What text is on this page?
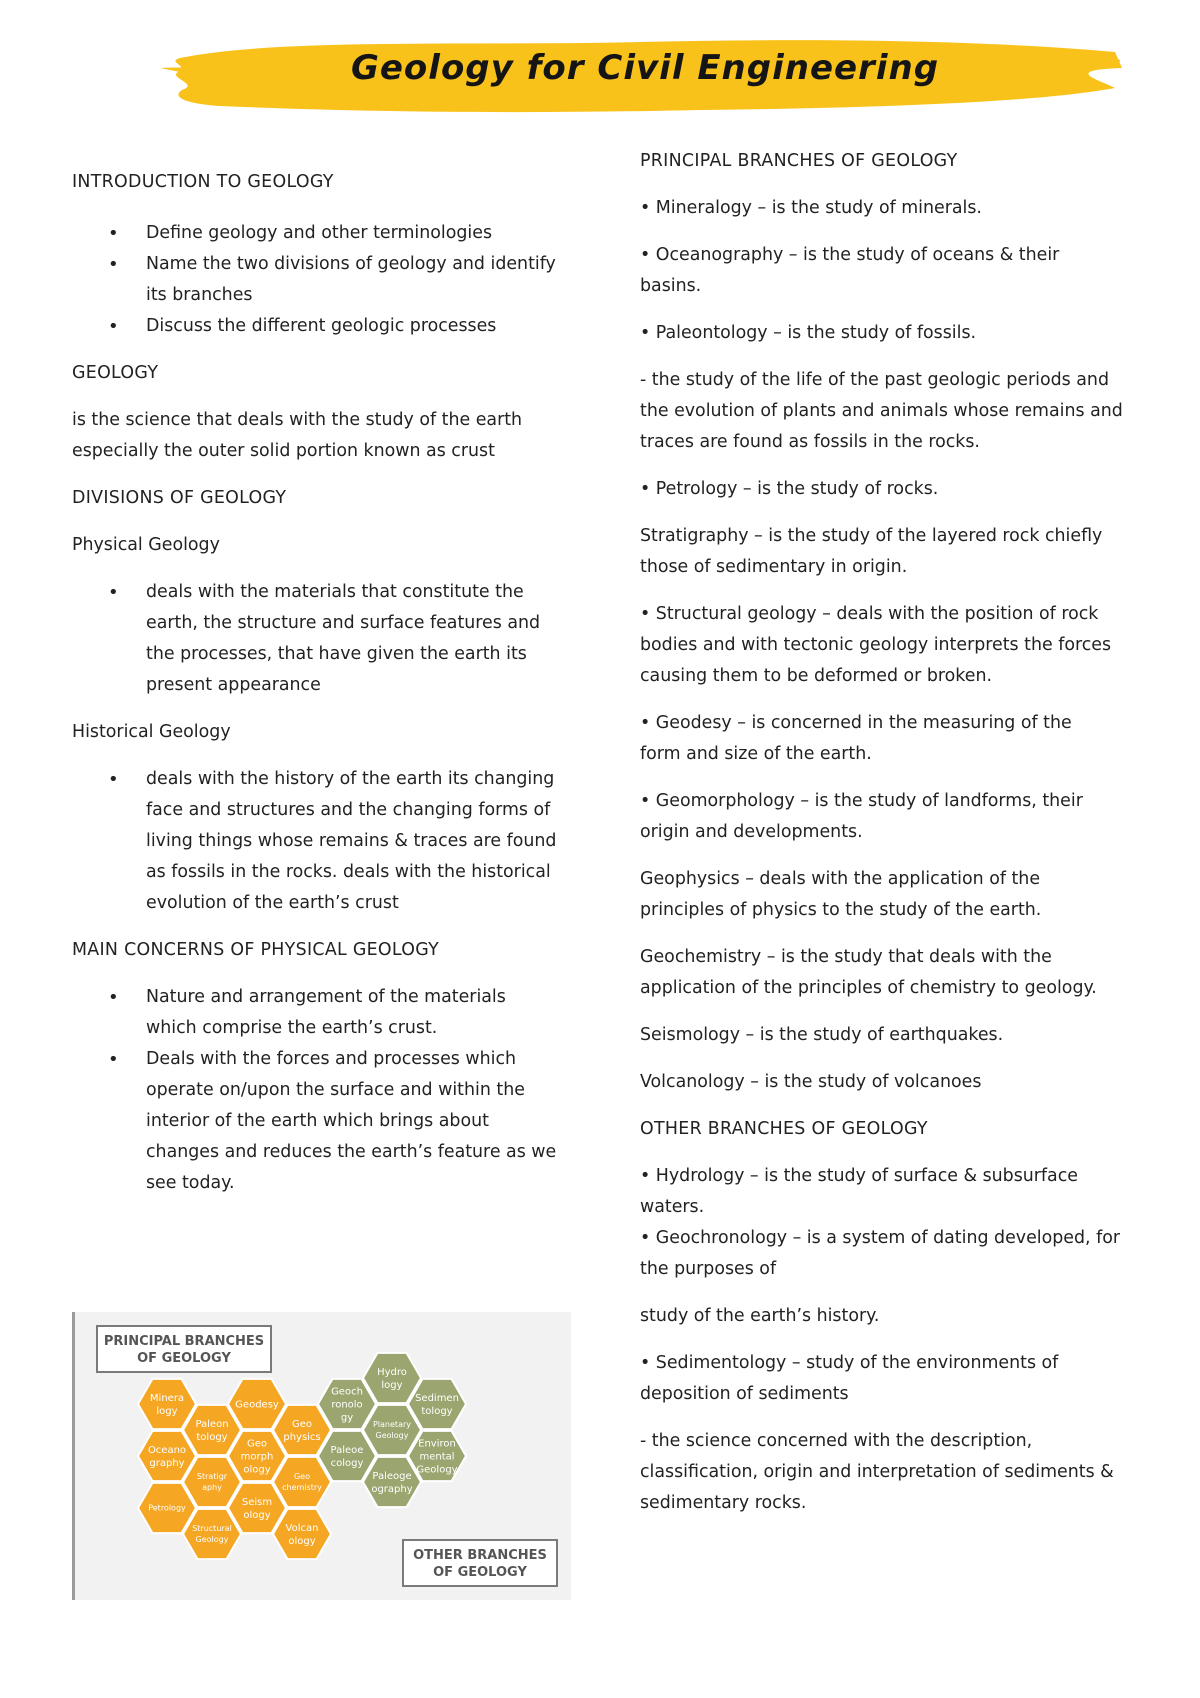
Geology for Civil Engineering
INTRODUCTION TO GEOLOGY
• Define geology and other terminologies
• Name the two divisions of geology and identify its branches
• Discuss the different geologic processes
GEOLOGY

is the science that deals with the study of the earth especially the outer solid portion known as crust

DIVISIONS OF GEOLOGY
Physical Geology
• deals with the materials that constitute the earth, the structure and surface features and the processes, that have given the earth its present appearance
Historical Geology
• deals with the history of the earth its changing face and structures and the changing forms of living things whose remains & traces are found as fossils in the rocks. deals with the historical evolution of the earth’s crust
MAIN CONCERNS OF PHYSICAL GEOLOGY
• Nature and arrangement of the materials which comprise the earth’s crust.
• Deals with the forces and processes which operate on/upon the surface and within the interior of the earth which brings about changes and reduces the earth’s feature as we see today.
PRINCIPAL BRANCHES
OF GEOLOGY
OTHER BRANCHES
OF GEOLOGY
Minera
logy
Geodesy
Paleon
tology
Geo
physics
Oceano
graphy
Geo
morph
ology
Stratigr
aphy
Geo
chemistry
Petrology
Seism
ology
Structural
Geology
Volcan
ology
Hydro
logy
Geoch
ronolo
gy
Sedimen
tology
Planetary
Geology
Paleoe
cology
Environ
mental
Geology
Paleoge
ography
PRINCIPAL BRANCHES OF GEOLOGY

• Mineralogy – is the study of minerals.

• Oceanography – is the study of oceans & their basins.

• Paleontology – is the study of fossils.

- the study of the life of the past geologic periods and the evolution of plants and animals whose remains and traces are found as fossils in the rocks.

• Petrology – is the study of rocks.

Stratigraphy – is the study of the layered rock chiefly those of sedimentary in origin.

• Structural geology – deals with the position of rock bodies and with tectonic geology interprets the forces causing them to be deformed or broken.

• Geodesy – is concerned in the measuring of the form and size of the earth.

• Geomorphology – is the study of landforms, their origin and developments.

Geophysics – deals with the application of the principles of physics to the study of the earth.

Geochemistry – is the study that deals with the application of the principles of chemistry to geology.

Seismology – is the study of earthquakes.

Volcanology – is the study of volcanoes

OTHER BRANCHES OF GEOLOGY

• Hydrology – is the study of surface & subsurface waters.

• Geochronology – is a system of dating developed, for the purposes of

study of the earth’s history.

• Sedimentology – study of the environments of deposition of sediments

- the science concerned with the description, classification, origin and interpretation of sediments & sedimentary rocks.
